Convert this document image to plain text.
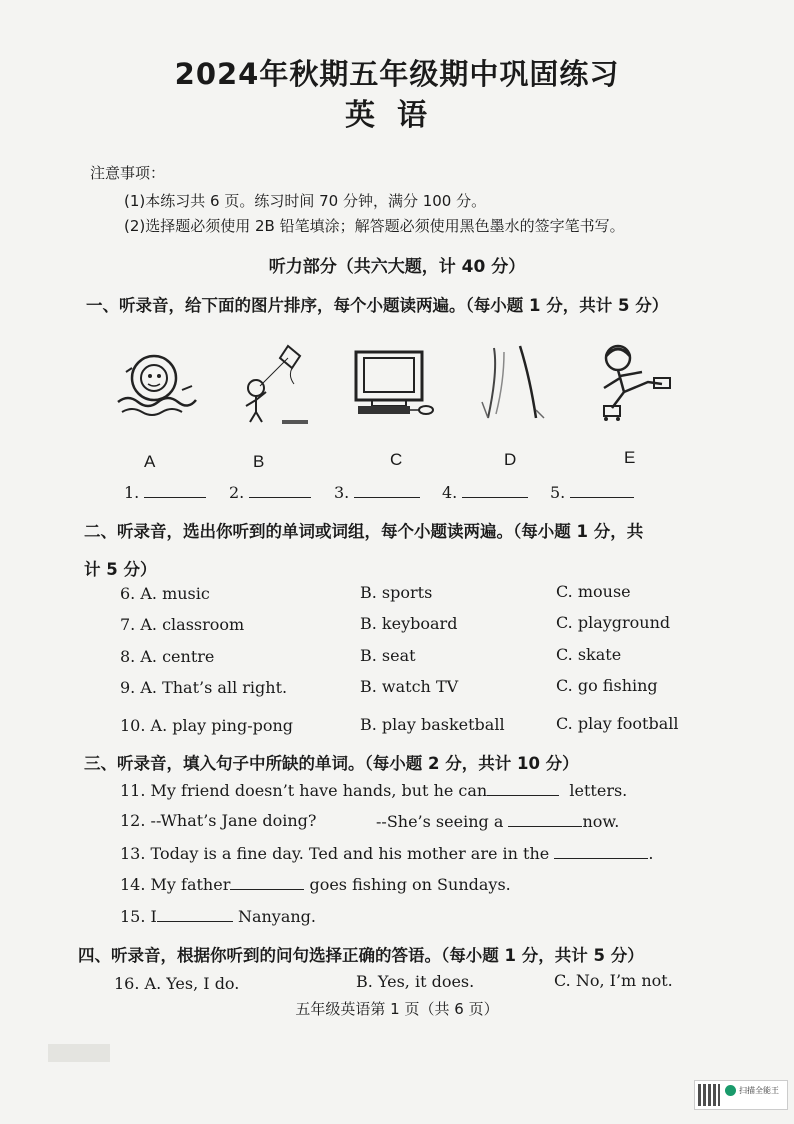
2024年秋期五年级期中巩固练习
英语
注意事项：
(1)本练习共 6 页。练习时间 70 分钟，满分 100 分。
(2)选择题必须使用 2B 铅笔填涂；解答题必须使用黑色墨水的签字笔书写。
听力部分（共六大题，计 40 分）
一、听录音，给下面的图片排序，每个小题读两遍。（每小题 1 分，共计 5 分）
A	B	C	D	E
1.	2.	3.	4.	5.
二、听录音，选出你听到的单词或词组，每个小题读两遍。（每小题 1 分，共
计 5 分）
6. A. music	B. sports	C. mouse
7. A. classroom	B. keyboard	C. playground
8. A. centre	B. seat	C. skate
9. A. That’s all right.	B. watch TV	C. go fishing
10. A. play ping-pong	B. play basketball	C. play football
三、听录音，填入句子中所缺的单词。（每小题 2 分，共计 10 分）
11. My friend doesn’t have hands, but he can	letters.
12. --What’s Jane doing?	--She’s seeing a	now.
13. Today is a fine day. Ted and his mother are in the	.
14. My father	goes fishing on Sundays.
15. I	Nanyang.
四、听录音，根据你听到的问句选择正确的答语。（每小题 1 分，共计 5 分）
16. A. Yes, I do.	B. Yes, it does.	C. No, I’m not.
五年级英语第 1 页（共 6 页）
扫描全能王
